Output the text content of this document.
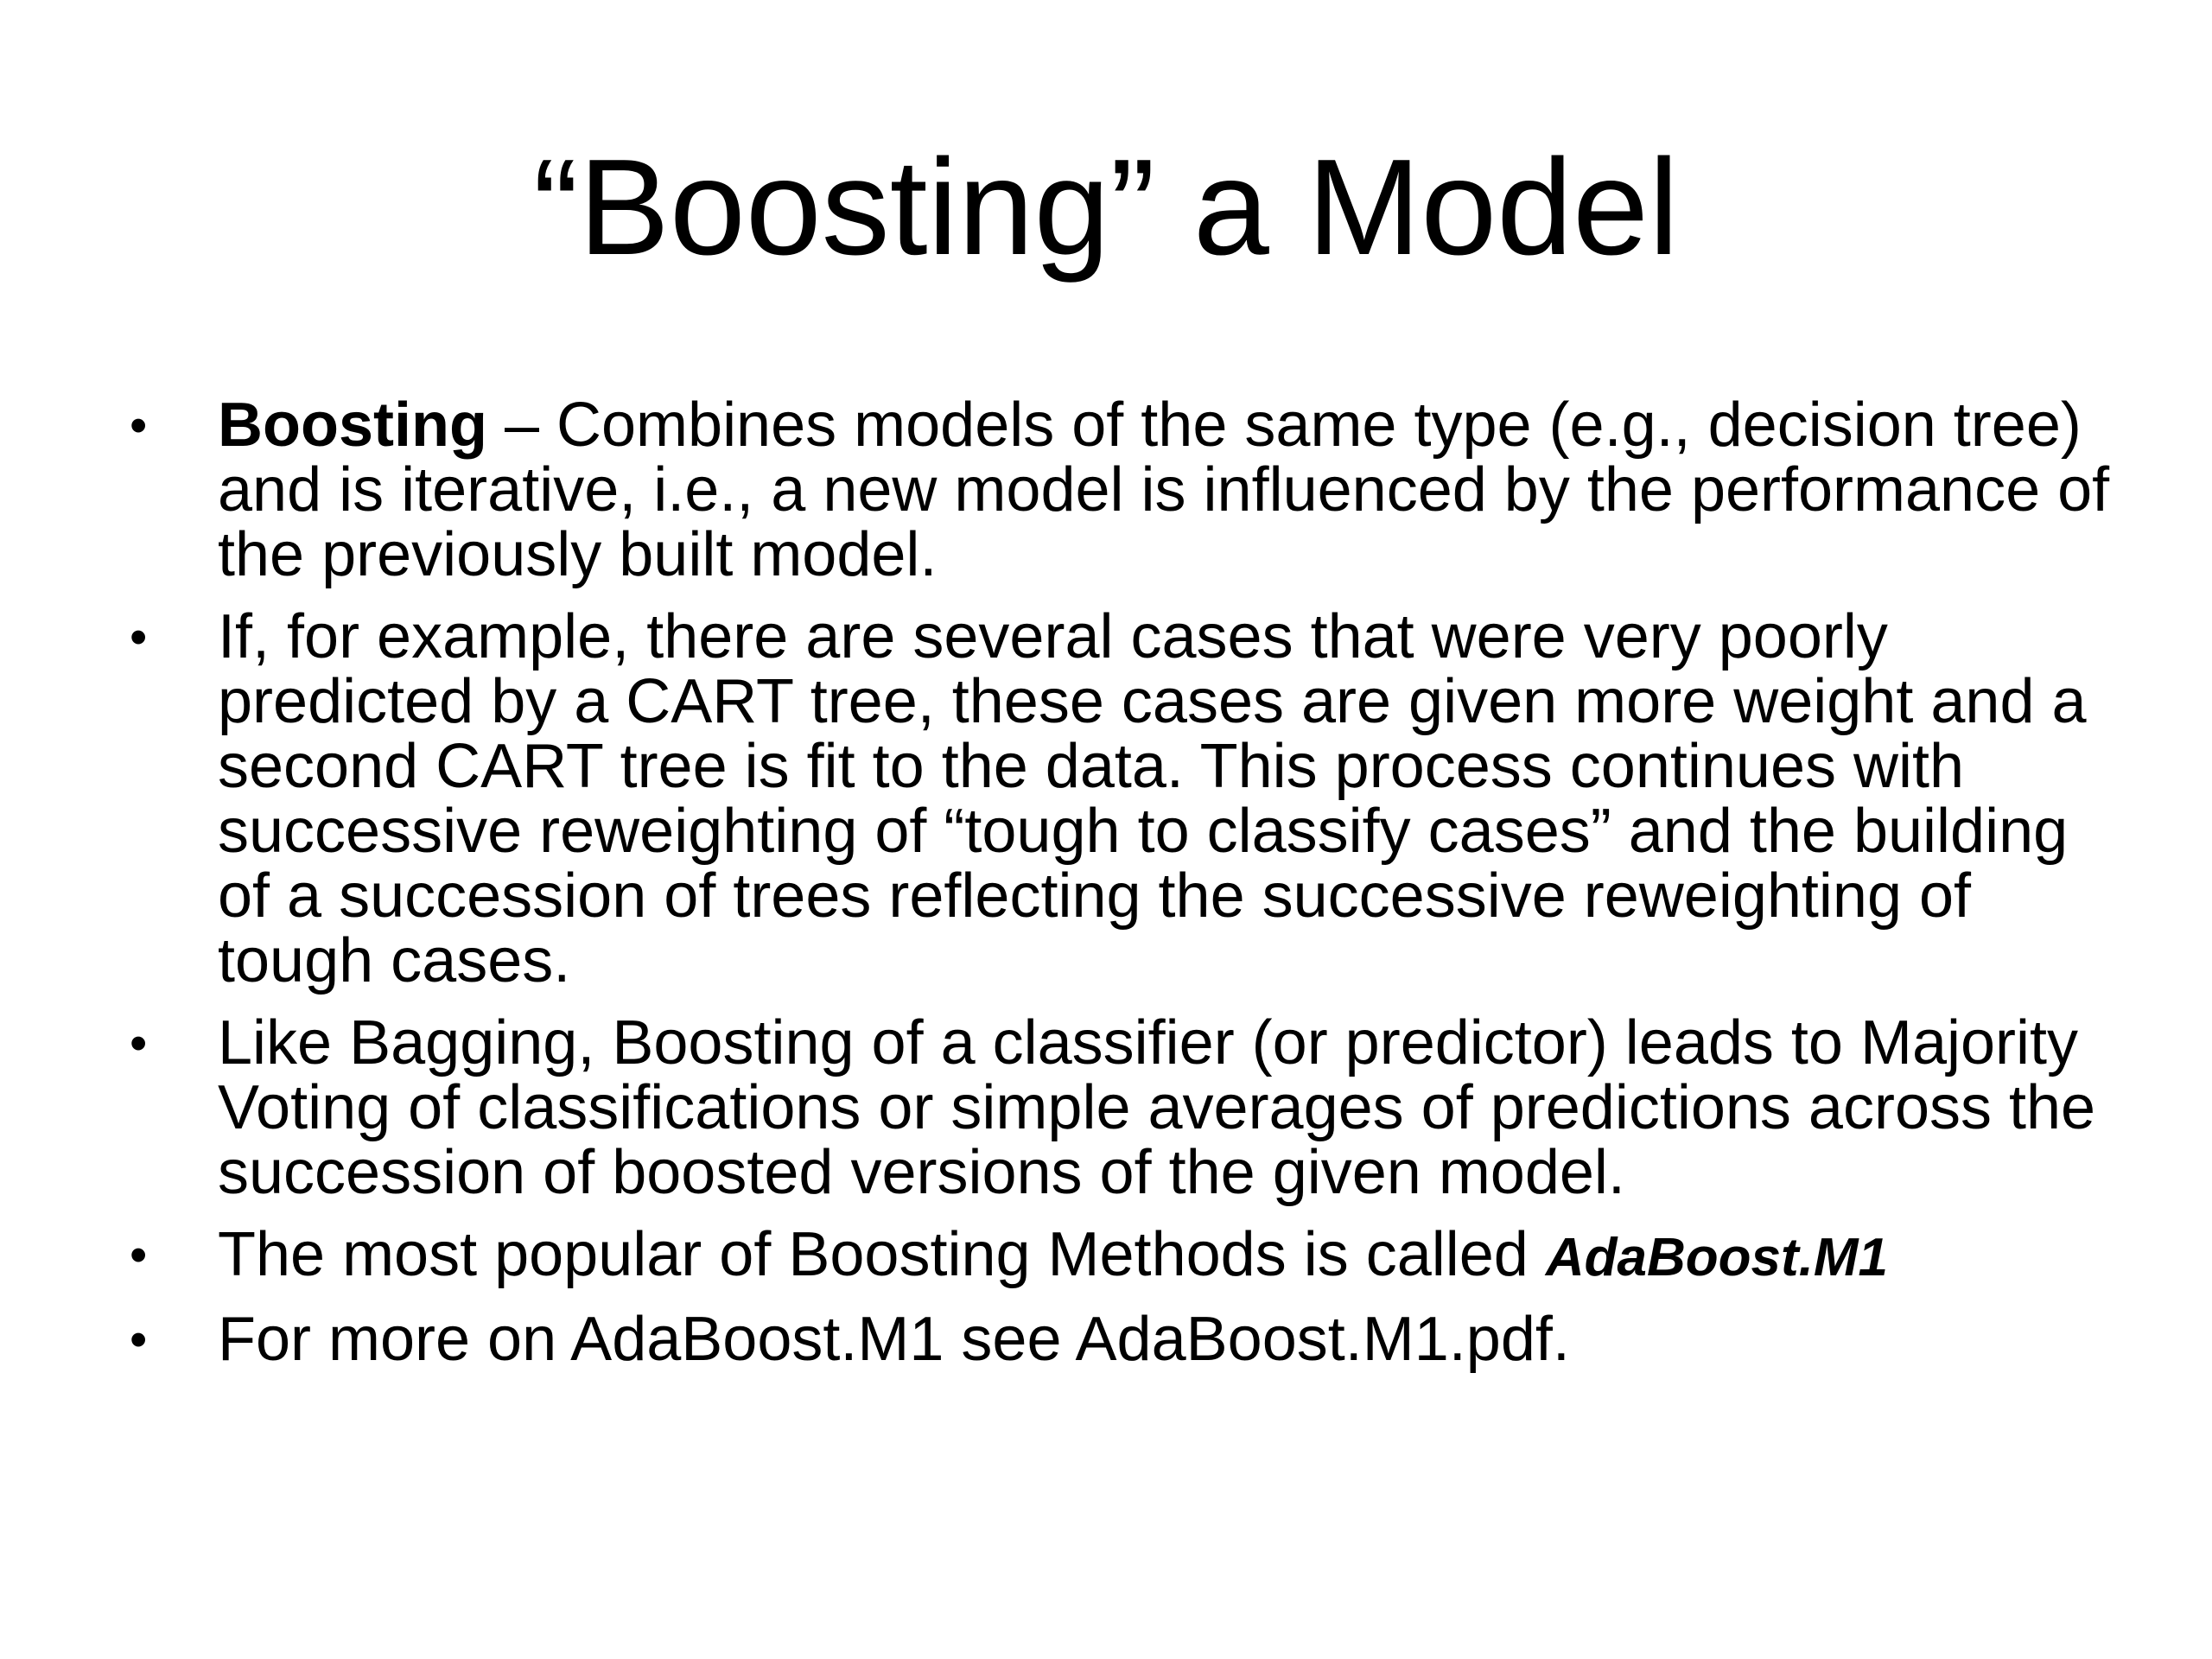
“Boosting” a Model
• Boosting – Combines models of the same type (e.g., decision tree) and is iterative, i.e., a new model is influenced by the performance of the previously built model.
• If, for example, there are several cases that were very poorly predicted by a CART tree, these cases are given more weight and a second CART tree is fit to the data. This process continues with successive reweighting of “tough to classify cases” and the building of a succession of trees reflecting the successive reweighting of tough cases.
• Like Bagging, Boosting of a classifier (or predictor) leads to Majority Voting of classifications or simple averages of predictions across the succession of boosted versions of the given model.
• The most popular of Boosting Methods is called AdaBoost.M1
• For more on AdaBoost.M1 see AdaBoost.M1.pdf.
